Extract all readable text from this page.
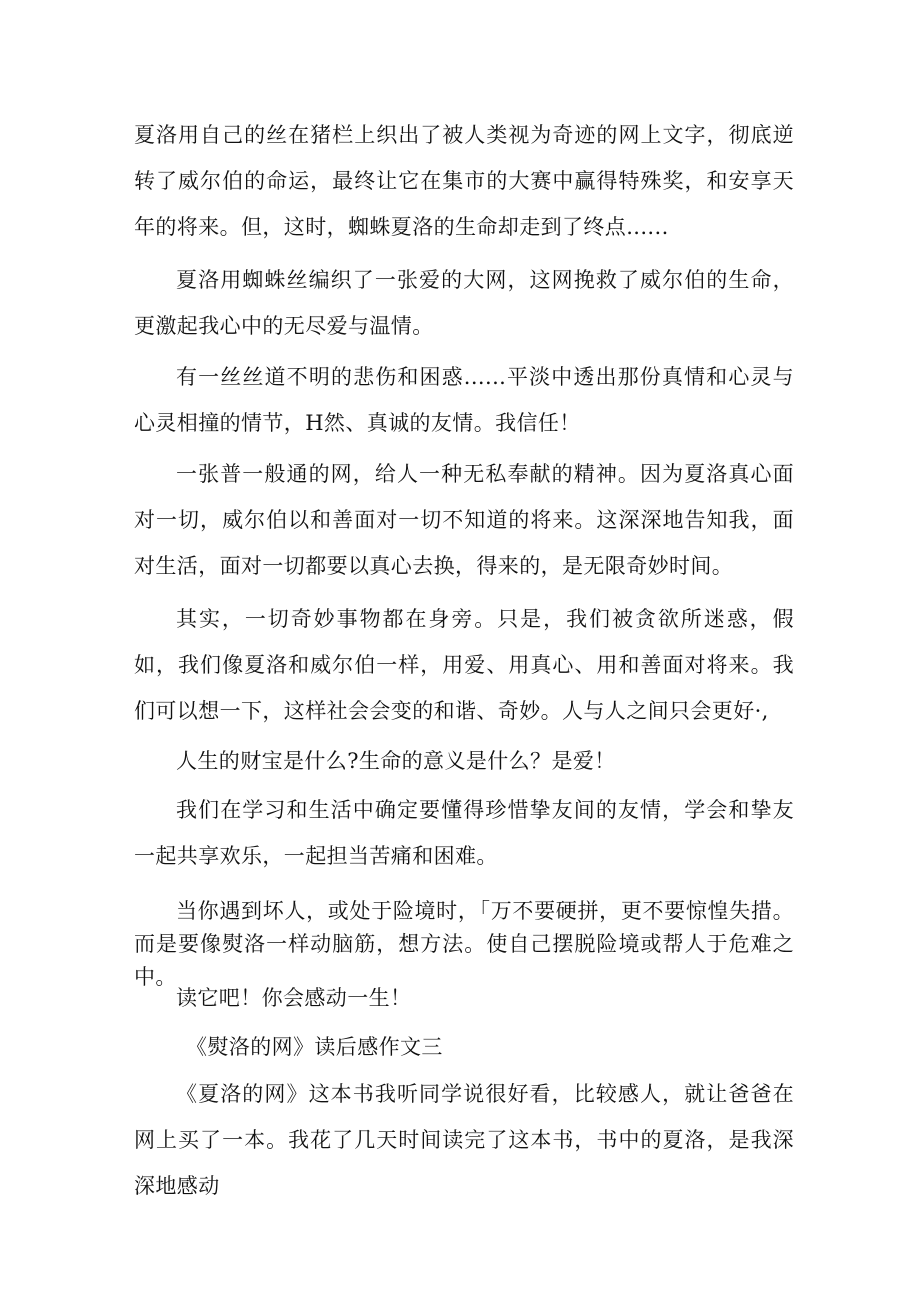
夏洛用自己的丝在猪栏上织出了被人类视为奇迹的网上文字，彻底逆转了威尔伯的命运，最终让它在集市的大赛中赢得特殊奖，和安享天年的将来。但，这时，蜘蛛夏洛的生命却走到了终点......

夏洛用蜘蛛丝编织了一张爱的大网，这网挽救了威尔伯的生命，更激起我心中的无尽爱与温情。

有一丝丝道不明的悲伤和困惑......平淡中透出那份真情和心灵与心灵相撞的情节，H然、真诚的友情。我信任！

一张普一般通的网，给人一种无私奉献的精神。因为夏洛真心面对一切，威尔伯以和善面对一切不知道的将来。这深深地告知我，面对生活，面对一切都要以真心去换，得来的，是无限奇妙时间。

其实，一切奇妙事物都在身旁。只是，我们被贪欲所迷惑，假如，我们像夏洛和威尔伯一样，用爱、用真心、用和善面对将来。我们可以想一下，这样社会会变的和谐、奇妙。人与人之间只会更好·,

人生的财宝是什么?生命的意义是什么？是爱！

我们在学习和生活中确定要懂得珍惜挚友间的友情，学会和挚友一起共享欢乐，一起担当苦痛和困难。

当你遇到坏人，或处于险境时，「万不要硬拼，更不要惊惶失措。而是要像熨洛一样动脑筋，想方法。使自己摆脱险境或帮人于危难之中。

读它吧！你会感动一生！

《熨洛的网》读后感作文三

《夏洛的网》这本书我听同学说很好看，比较感人，就让爸爸在网上买了一本。我花了几天时间读完了这本书，书中的夏洛，是我深深地感动
